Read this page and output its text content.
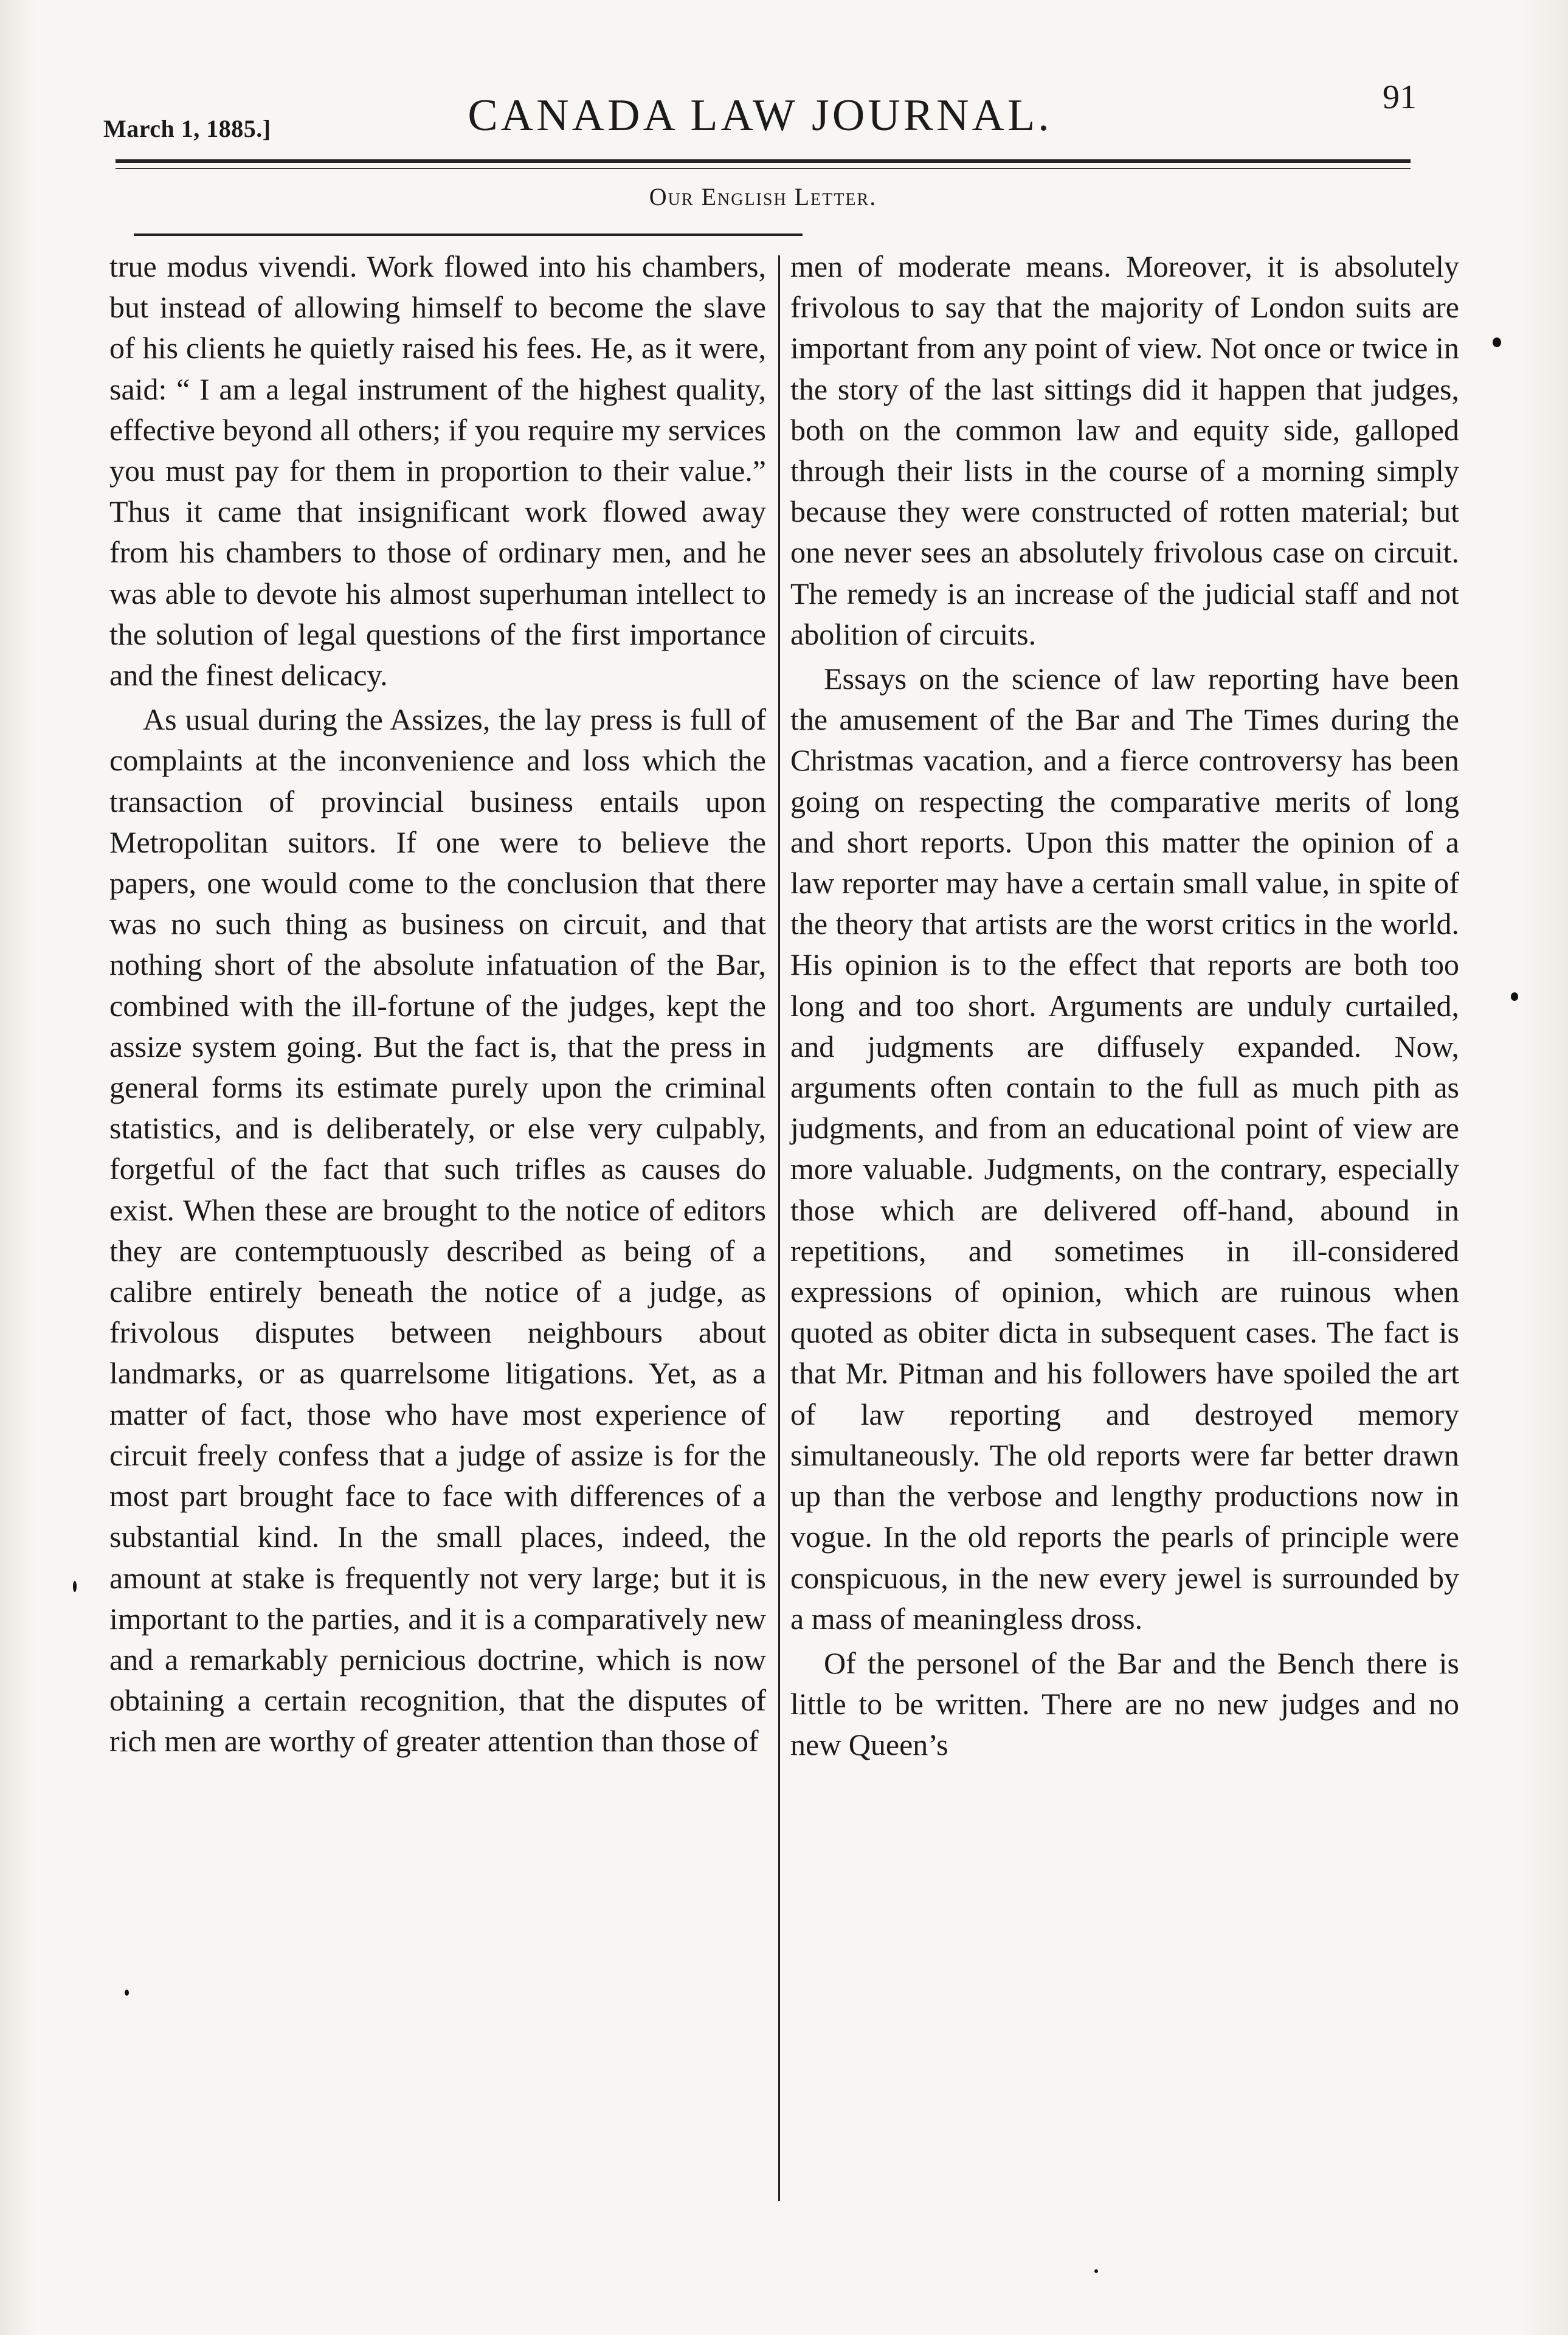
March 1, 1885.]	CANADA LAW JOURNAL.	91
Our English Letter.

true modus vivendi. Work flowed into his chambers, but instead of allowing himself to become the slave of his clients he quietly raised his fees. He, as it were, said: “ I am a legal instrument of the highest quality, effective beyond all others; if you require my services you must pay for them in proportion to their value.” Thus it came that insignificant work flowed away from his chambers to those of ordinary men, and he was able to devote his almost superhuman intellect to the solution of legal questions of the first importance and the finest delicacy.

As usual during the Assizes, the lay press is full of complaints at the inconvenience and loss which the transaction of provincial business entails upon Metropolitan suitors. If one were to believe the papers, one would come to the conclusion that there was no such thing as business on circuit, and that nothing short of the absolute infatuation of the Bar, combined with the ill-fortune of the judges, kept the assize system going. But the fact is, that the press in general forms its estimate purely upon the criminal statistics, and is deliberately, or else very culpably, forgetful of the fact that such trifles as causes do exist. When these are brought to the notice of editors they are contemptuously described as being of a calibre entirely beneath the notice of a judge, as frivolous disputes between neighbours about landmarks, or as quarrelsome litigations. Yet, as a matter of fact, those who have most experience of circuit freely confess that a judge of assize is for the most part brought face to face with differences of a substantial kind. In the small places, indeed, the amount at stake is frequently not very large; but it is important to the parties, and it is a comparatively new and a remarkably pernicious doctrine, which is now obtaining a certain recognition, that the disputes of rich men are worthy of greater attention than those of

men of moderate means. Moreover, it is absolutely frivolous to say that the majority of London suits are important from any point of view. Not once or twice in the story of the last sittings did it happen that judges, both on the common law and equity side, galloped through their lists in the course of a morning simply because they were constructed of rotten material; but one never sees an absolutely frivolous case on circuit. The remedy is an increase of the judicial staff and not abolition of circuits.

Essays on the science of law reporting have been the amusement of the Bar and The Times during the Christmas vacation, and a fierce controversy has been going on respecting the comparative merits of long and short reports. Upon this matter the opinion of a law reporter may have a certain small value, in spite of the theory that artists are the worst critics in the world. His opinion is to the effect that reports are both too long and too short. Arguments are unduly curtailed, and judgments are diffusely expanded. Now, arguments often contain to the full as much pith as judgments, and from an educational point of view are more valuable. Judgments, on the contrary, especially those which are delivered off-hand, abound in repetitions, and sometimes in ill-considered expressions of opinion, which are ruinous when quoted as obiter dicta in subsequent cases. The fact is that Mr. Pitman and his followers have spoiled the art of law reporting and destroyed memory simultaneously. The old reports were far better drawn up than the verbose and lengthy productions now in vogue. In the old reports the pearls of principle were conspicuous, in the new every jewel is surrounded by a mass of meaningless dross.

Of the personel of the Bar and the Bench there is little to be written. There are no new judges and no new Queen’s
